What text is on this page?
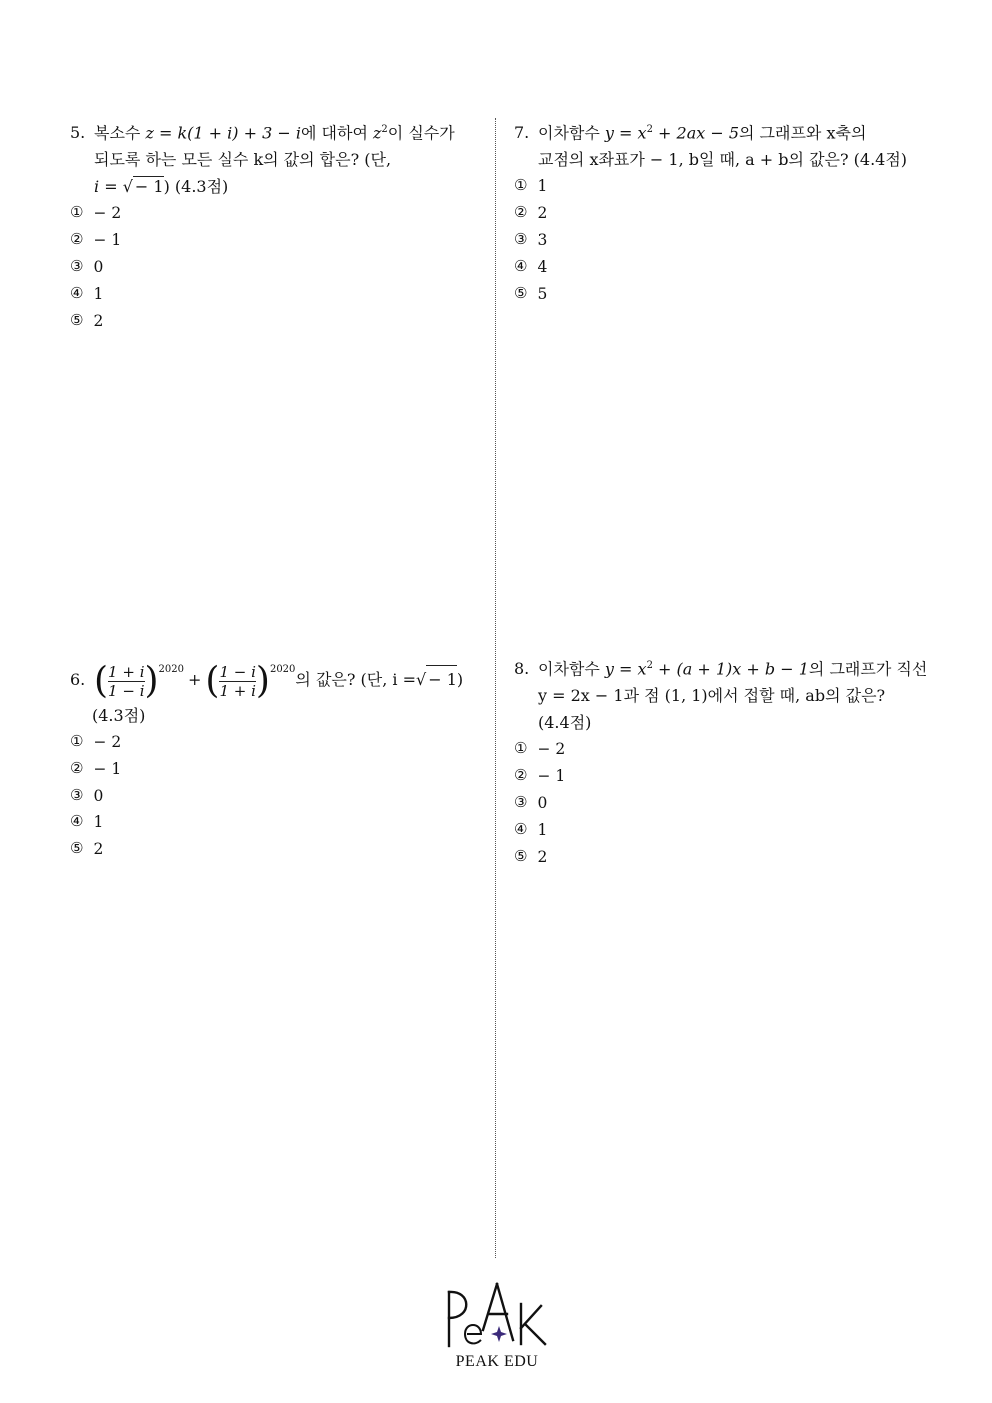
5. 복소수 z = k(1 + i) + 3 − i에 대하여 $z^2$이 실수가
되도록 하는 모든 실수 k의 값의 합은? (단,
i = √ − 1) (4.3점)
① − 2
② − 1
③ 0
④ 1
⑤ 2
6. ( $\frac{1 + i}{1 - i} )^{2020}$ + ( $\frac{1 - i}{1 + i} )^{2020}$ 의 값은? (단, i = √ − 1 )
(4.3점)
① − 2
② − 1
③ 0
④ 1
⑤ 2
7. 이차함수 $y = x^2 + 2ax - 5$의 그래프와 x축의
교점의 x좌표가 − 1, b일 때, a + b의 값은? (4.4점)
① 1
② 2
③ 3
④ 4
⑤ 5
8. 이차함수 $y = x^2 + (a + 1)x + b - 1$의 그래프가 직선
y = 2x − 1과 점 (1, 1)에서 접할 때, ab의 값은?
(4.4점)
① − 2
② − 1
③ 0
④ 1
⑤ 2
PEAK EDU
